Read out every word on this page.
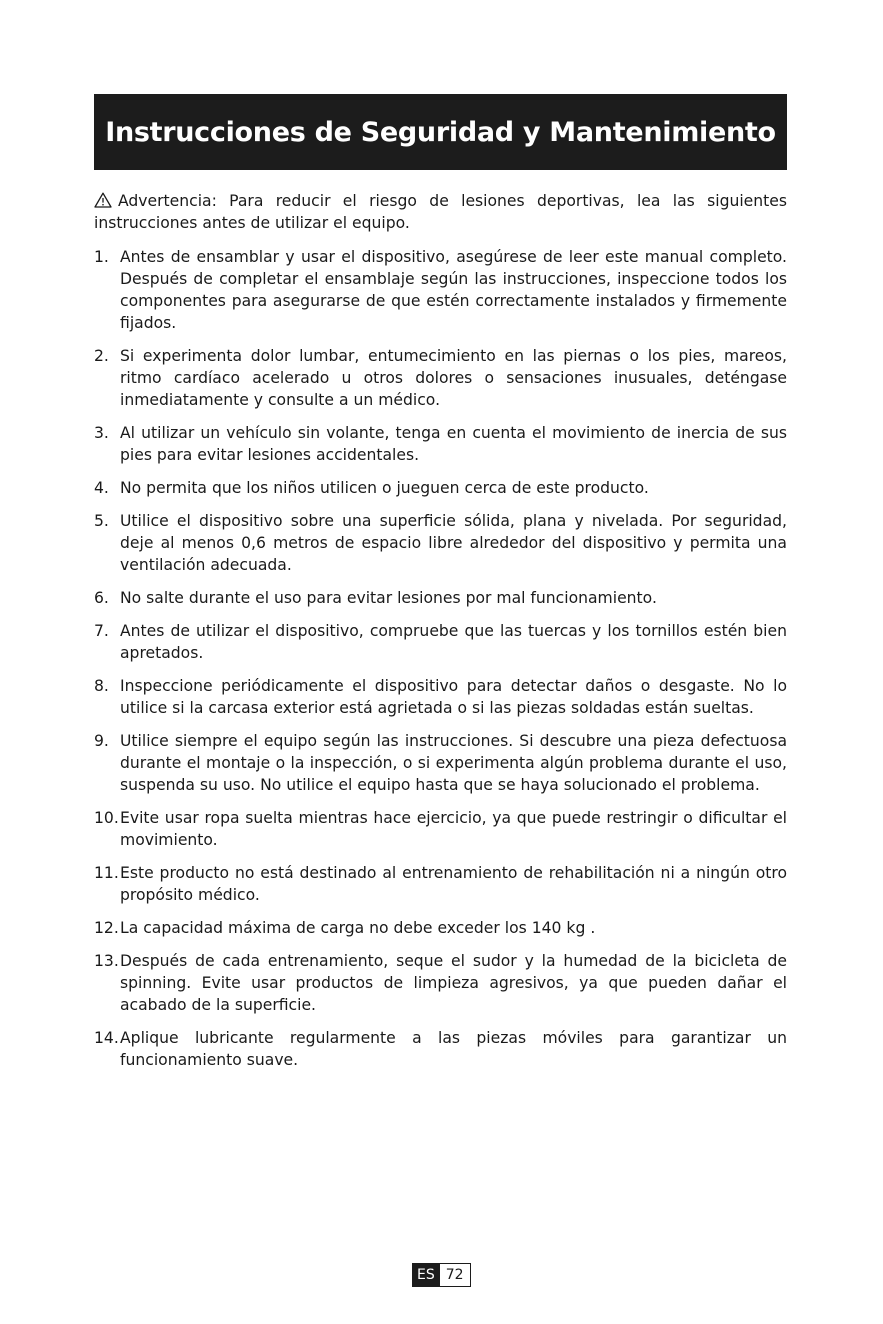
Instrucciones de Seguridad y Mantenimiento

Advertencia: Para reducir el riesgo de lesiones deportivas, lea las siguientes instrucciones antes de utilizar el equipo.

1. Antes de ensamblar y usar el dispositivo, asegúrese de leer este manual completo. Después de completar el ensamblaje según las instrucciones, inspeccione todos los componentes para asegurarse de que estén correctamente instalados y firmemente fijados.
2. Si experimenta dolor lumbar, entumecimiento en las piernas o los pies, mareos, ritmo cardíaco acelerado u otros dolores o sensaciones inusuales, deténgase inmediatamente y consulte a un médico.
3. Al utilizar un vehículo sin volante, tenga en cuenta el movimiento de inercia de sus pies para evitar lesiones accidentales.
4. No permita que los niños utilicen o jueguen cerca de este producto.
5. Utilice el dispositivo sobre una superficie sólida, plana y nivelada. Por seguridad, deje al menos 0,6 metros de espacio libre alrededor del dispositivo y permita una ventilación adecuada.
6. No salte durante el uso para evitar lesiones por mal funcionamiento.
7. Antes de utilizar el dispositivo, compruebe que las tuercas y los tornillos estén bien apretados.
8. Inspeccione periódicamente el dispositivo para detectar daños o desgaste. No lo utilice si la carcasa exterior está agrietada o si las piezas soldadas están sueltas.
9. Utilice siempre el equipo según las instrucciones. Si descubre una pieza defectuosa durante el montaje o la inspección, o si experimenta algún problema durante el uso, suspenda su uso. No utilice el equipo hasta que se haya solucionado el problema.
10. Evite usar ropa suelta mientras hace ejercicio, ya que puede restringir o dificultar el movimiento.
11. Este producto no está destinado al entrenamiento de rehabilitación ni a ningún otro propósito médico.
12. La capacidad máxima de carga no debe exceder los 140 kg .
13. Después de cada entrenamiento, seque el sudor y la humedad de la bicicleta de spinning. Evite usar productos de limpieza agresivos, ya que pueden dañar el acabado de la superficie.
14. Aplique lubricante regularmente a las piezas móviles para garantizar un funcionamiento suave.
ES 72
